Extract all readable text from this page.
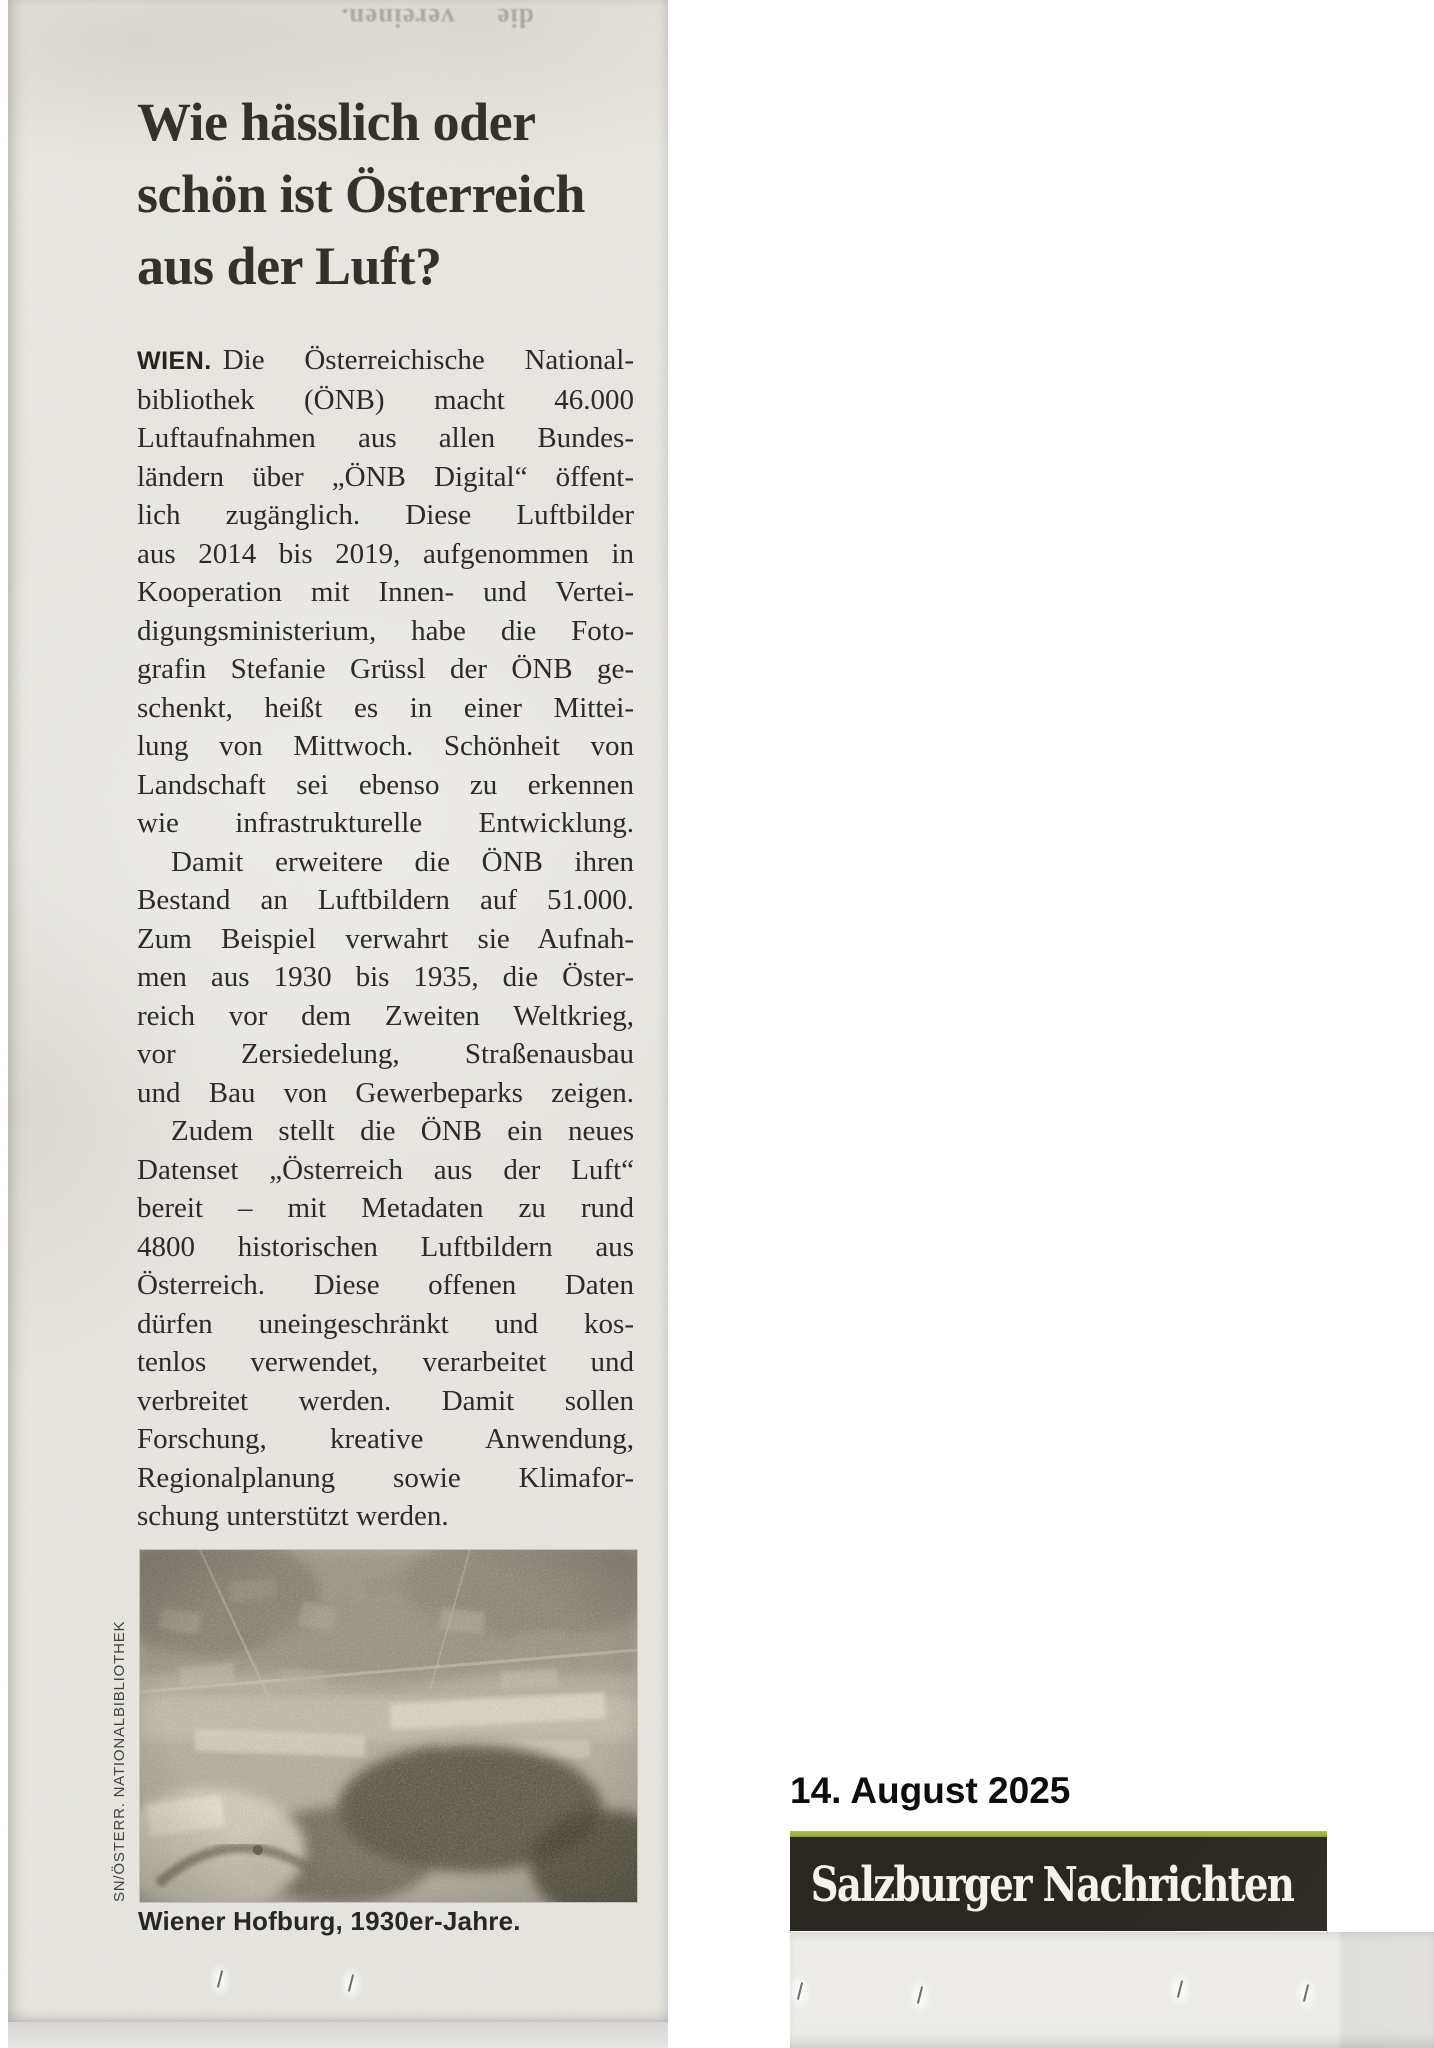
die vereinen.
Wie hässlich oder
schön ist Österreich
aus der Luft?
WIEN. Die Österreichische National-
bibliothek (ÖNB) macht 46.000
Luftaufnahmen aus allen Bundes-
ländern über „ÖNB Digital“ öffent-
lich zugänglich. Diese Luftbilder
aus 2014 bis 2019, aufgenommen in
Kooperation mit Innen- und Vertei-
digungsministerium, habe die Foto-
grafin Stefanie Grüssl der ÖNB ge-
schenkt, heißt es in einer Mittei-
lung von Mittwoch. Schönheit von
Landschaft sei ebenso zu erkennen
wie infrastrukturelle Entwicklung.
Damit erweitere die ÖNB ihren
Bestand an Luftbildern auf 51.000.
Zum Beispiel verwahrt sie Aufnah-
men aus 1930 bis 1935, die Öster-
reich vor dem Zweiten Weltkrieg,
vor Zersiedelung, Straßenausbau
und Bau von Gewerbeparks zeigen.
Zudem stellt die ÖNB ein neues
Datenset „Österreich aus der Luft“
bereit – mit Metadaten zu rund
4800 historischen Luftbildern aus
Österreich. Diese offenen Daten
dürfen uneingeschränkt und kos-
tenlos verwendet, verarbeitet und
verbreitet werden. Damit sollen
Forschung, kreative Anwendung,
Regionalplanung sowie Klimafor-
schung unterstützt werden.
SN/ÖSTERR. NATIONALBIBLIOTHEK
Wiener Hofburg, 1930er-Jahre.
14. August 2025
Salzburger Nachrichten
